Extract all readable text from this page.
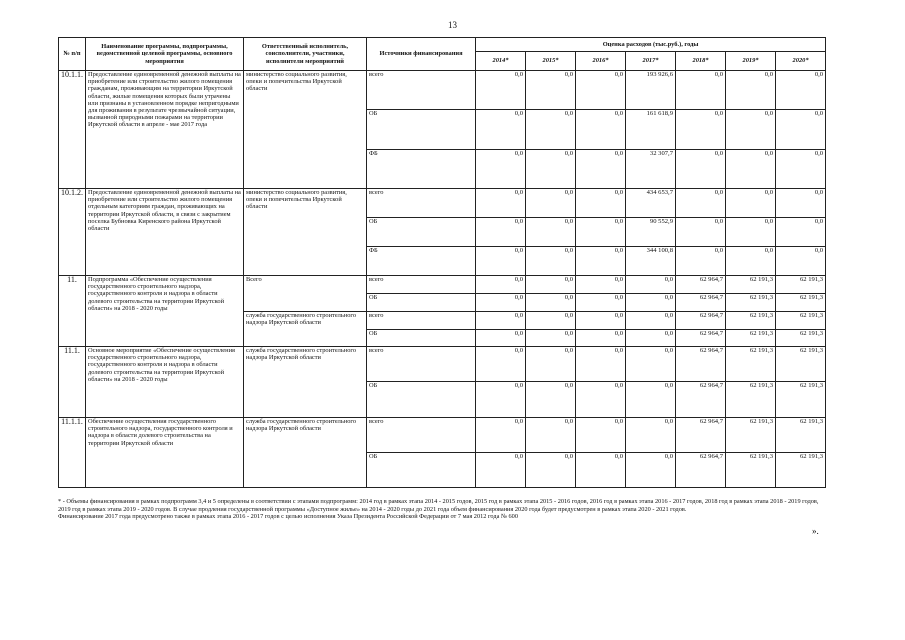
13
№ п/п	Наименование программы, подпрограммы, ведомственной целевой программы, основного мероприятия	Ответственный исполнитель, соисполнители, участники, исполнители мероприятий	Источники финансирования	Оценка расходов (тыс.руб.), годы						
				2014*	2015*	2016*	2017*	2018*	2019*	2020*
10.1.1.	Предоставление единовременной денежной выплаты на приобретение или строительство жилого помещения гражданам, проживающим на территории Иркутской области, жилые помещения которых были утрачены или признаны в установленном порядке непригодными для проживания в результате чрезвычайной ситуации, вызванной природными пожарами на территории Иркутской области в апреле - мае 2017 года	министерство социального развития, опеки и попечительства Иркутской области	всего	0,0	0,0	0,0	193 926,6	0,0	0,0	0,0
			ОБ	0,0	0,0	0,0	161 618,9	0,0	0,0	0,0
			ФБ	0,0	0,0	0,0	32 307,7	0,0	0,0	0,0
10.1.2.	Предоставление единовременной денежной выплаты на приобретение или строительство жилого помещения отдельным категориям граждан, проживающих на территории Иркутской области, в связи с закрытием поселка Бубновка Киренского района Иркутской области	министерство социального развития, опеки и попечительства Иркутской области	всего	0,0	0,0	0,0	434 653,7	0,0	0,0	0,0
			ОБ	0,0	0,0	0,0	90 552,9	0,0	0,0	0,0
			ФБ	0,0	0,0	0,0	344 100,8	0,0	0,0	0,0
11.	Подпрограмма «Обеспечение осуществления государственного строительного надзора, государственного контроля и надзора в области долевого строительства на территории Иркутской области» на 2018 - 2020 годы	Всего	всего	0,0	0,0	0,0	0,0	62 964,7	62 191,3	62 191,3
			ОБ	0,0	0,0	0,0	0,0	62 964,7	62 191,3	62 191,3
		служба государственного строительного надзора Иркутской области	всего	0,0	0,0	0,0	0,0	62 964,7	62 191,3	62 191,3
			ОБ	0,0	0,0	0,0	0,0	62 964,7	62 191,3	62 191,3
11.1.	Основное мероприятие «Обеспечение осуществления государственного строительного надзора, государственного контроля и надзора в области долевого строительства на территории Иркутской области» на 2018 - 2020 годы	служба государственного строительного надзора Иркутской области	всего	0,0	0,0	0,0	0,0	62 964,7	62 191,3	62 191,3
			ОБ	0,0	0,0	0,0	0,0	62 964,7	62 191,3	62 191,3
11.1.1.	Обеспечение осуществления государственного строительного надзора, государственного контроля и надзора в области долевого строительства на территории Иркутской области	служба государственного строительного надзора Иркутской области	всего	0,0	0,0	0,0	0,0	62 964,7	62 191,3	62 191,3
			ОБ	0,0	0,0	0,0	0,0	62 964,7	62 191,3	62 191,3

* - Объемы финансирования в рамках подпрограмм 3,4 и 5 определены в соответствии с этапами подпрограмм: 2014 год в рамках этапа 2014 - 2015 годов, 2015 год в рамках этапа 2015 - 2016 годов, 2016 год в рамках этапа 2016 - 2017 годов, 2018 год в рамках этапа 2018 - 2019 годов, 2019 год в рамках этапа 2019 - 2020 годов. В случае продления государственной программы «Доступное жилье» на 2014 - 2020 годы до 2021 года объем финансирования 2020 года будет предусмотрен в рамках этапа 2020 - 2021 годов.

Финансирование 2017 года предусмотрено также в рамках этапа 2016 - 2017 годов с целью исполнения Указа Президента Российской Федерации от 7 мая 2012 года № 600

».
